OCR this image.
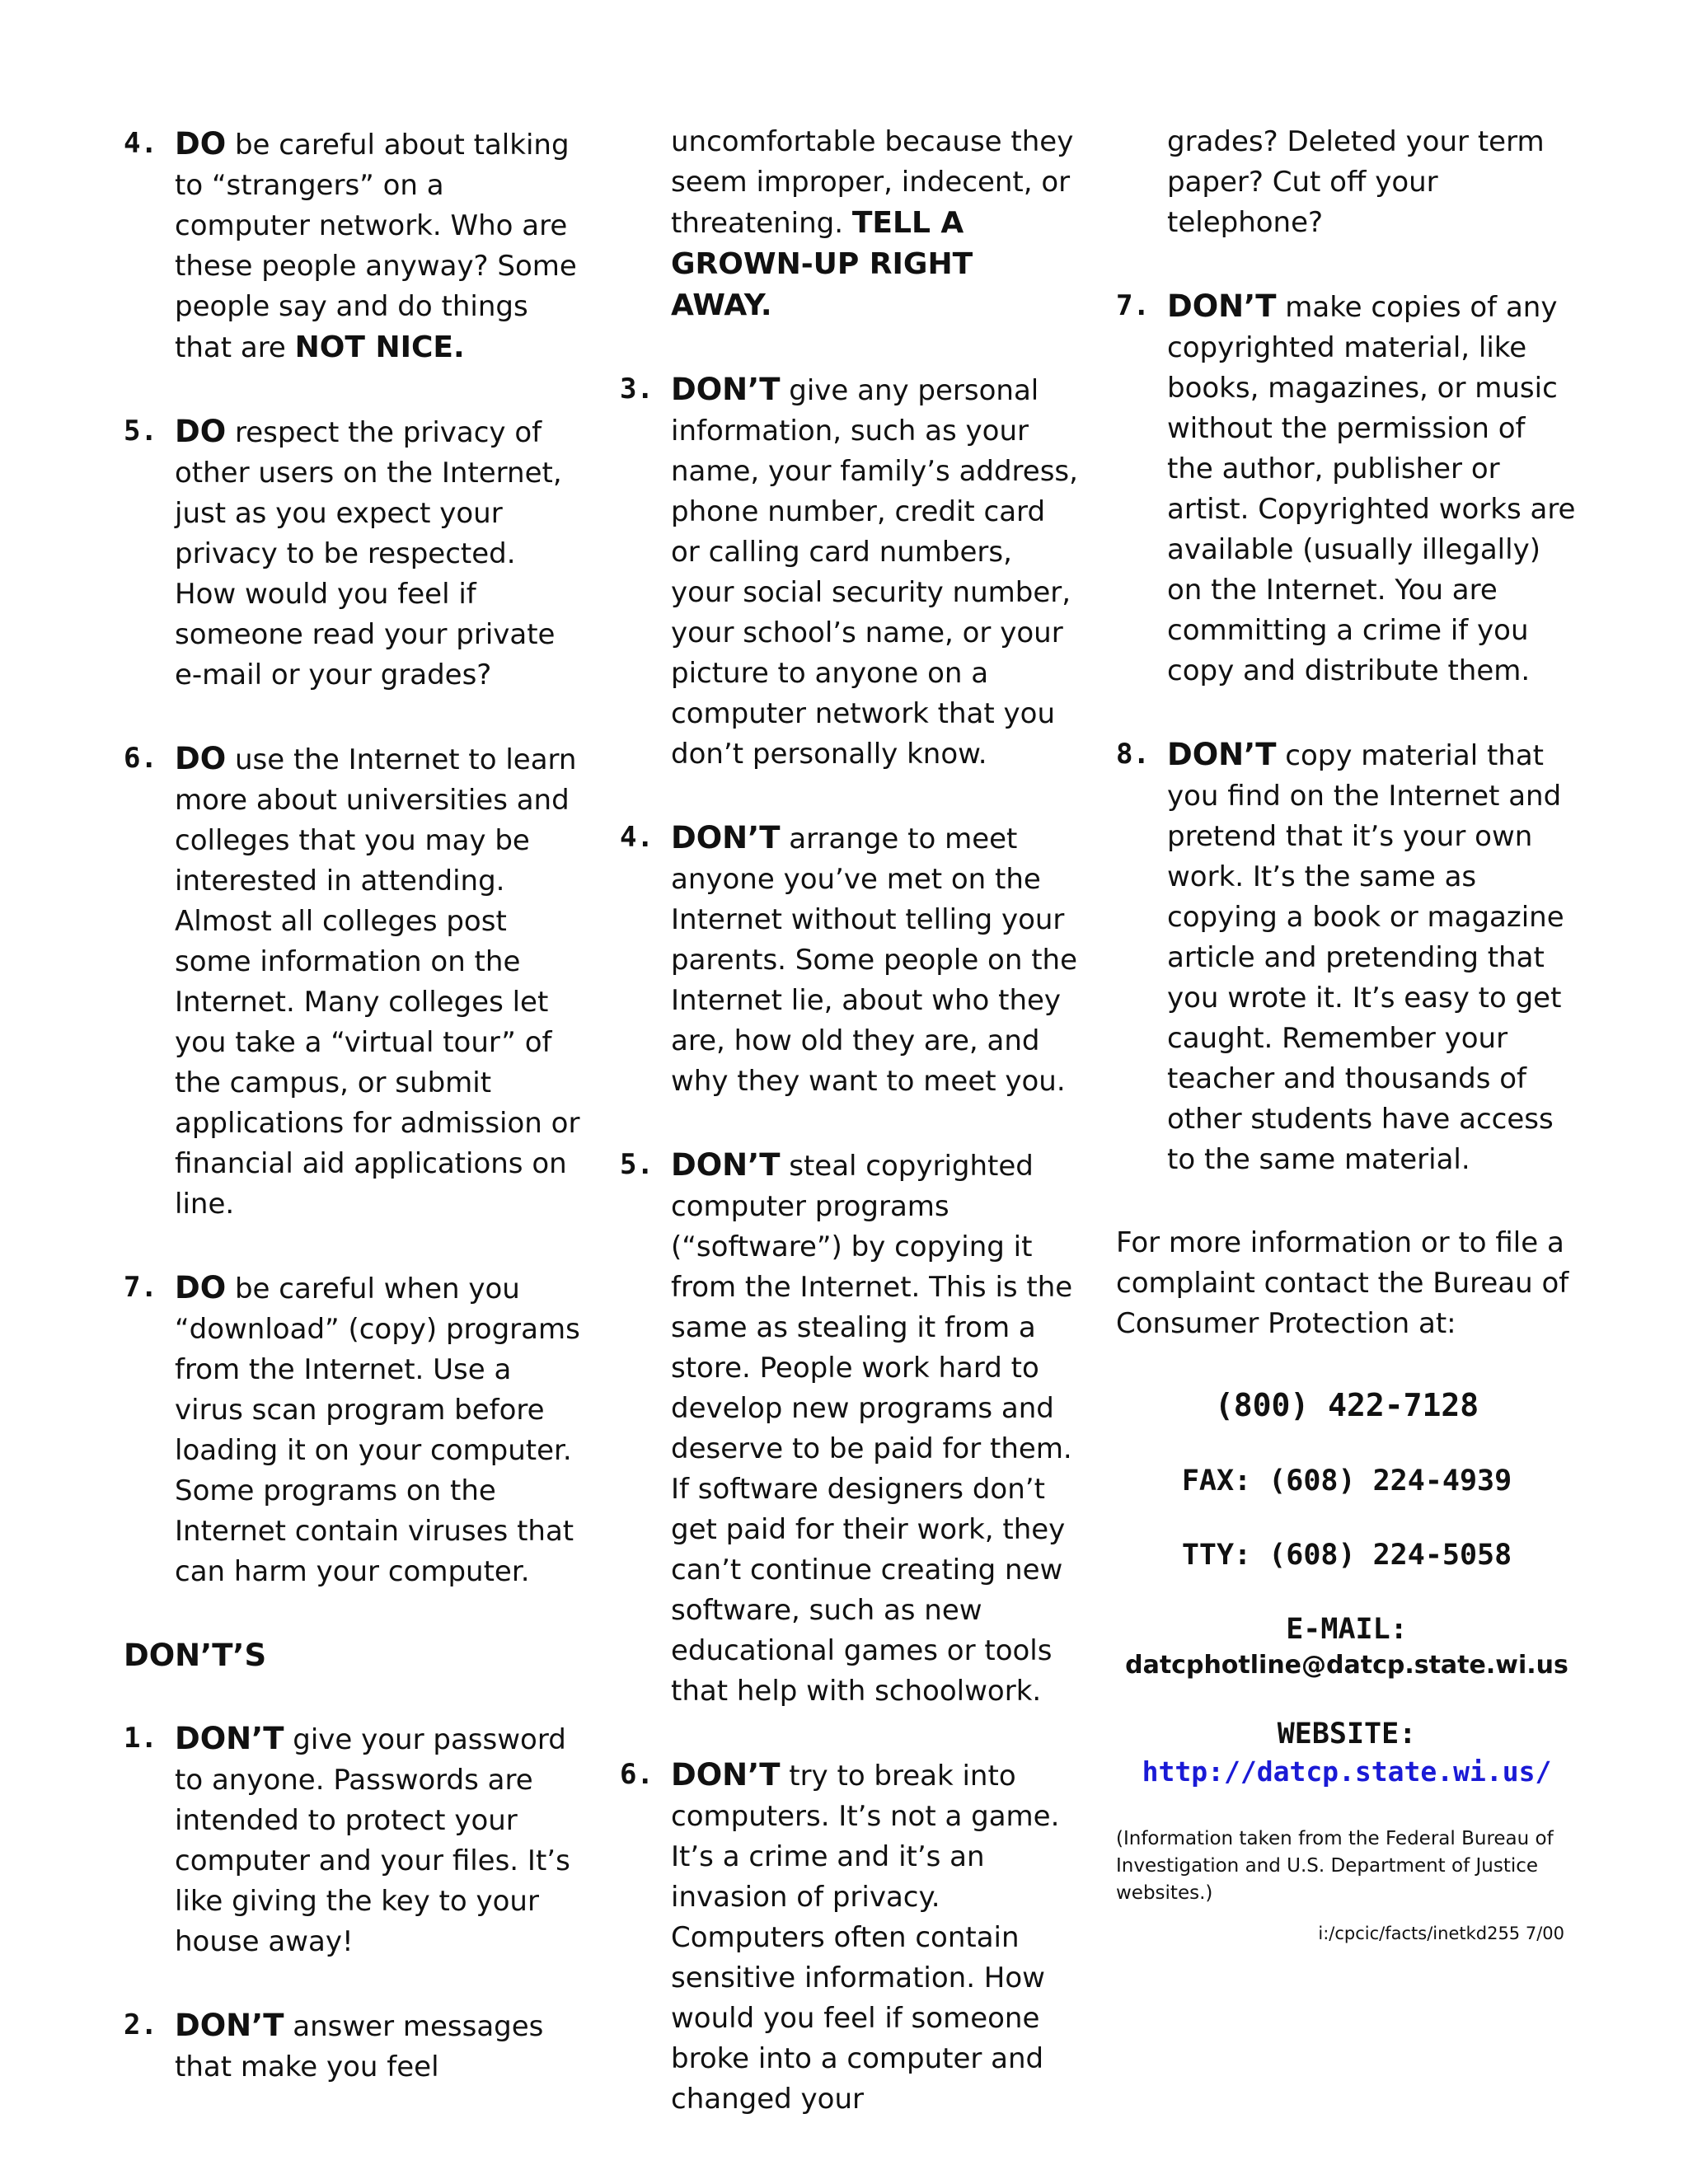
4. DO be careful about talking to “strangers” on a computer network. Who are these people anyway? Some people say and do things that are NOT NICE.
5. DO respect the privacy of other users on the Internet, just as you expect your privacy to be respected. How would you feel if someone read your private e-mail or your grades?
6. DO use the Internet to learn more about universities and colleges that you may be interested in attending. Almost all colleges post some information on the Internet. Many colleges let you take a “virtual tour” of the campus, or submit applications for admission or financial aid applications on line.
7. DO be careful when you “download” (copy) programs from the Internet. Use a virus scan program before loading it on your computer. Some programs on the Internet contain viruses that can harm your computer.
DON’T’S
1. DON’T give your password to anyone. Passwords are intended to protect your computer and your files. It’s like giving the key to your house away!
2. DON’T answer messages that make you feel
uncomfortable because they seem improper, indecent, or threatening. TELL A GROWN-UP RIGHT AWAY.
3. DON’T give any personal information, such as your name, your family’s address, phone number, credit card or calling card numbers, your social security number, your school’s name, or your picture to anyone on a computer network that you don’t personally know.
4. DON’T arrange to meet anyone you’ve met on the Internet without telling your parents. Some people on the Internet lie, about who they are, how old they are, and why they want to meet you.
5. DON’T steal copyrighted computer programs (“software”) by copying it from the Internet. This is the same as stealing it from a store. People work hard to develop new programs and deserve to be paid for them. If software designers don’t get paid for their work, they can’t continue creating new software, such as new educational games or tools that help with schoolwork.
6. DON’T try to break into computers. It’s not a game. It’s a crime and it’s an invasion of privacy. Computers often contain sensitive information. How would you feel if someone broke into a computer and changed your
grades? Deleted your term paper? Cut off your telephone?
7. DON’T make copies of any copyrighted material, like books, magazines, or music without the permission of the author, publisher or artist. Copyrighted works are available (usually illegally) on the Internet. You are committing a crime if you copy and distribute them.
8. DON’T copy material that you find on the Internet and pretend that it’s your own work. It’s the same as copying a book or magazine article and pretending that you wrote it. It’s easy to get caught. Remember your teacher and thousands of other students have access to the same material.
For more information or to file a complaint contact the Bureau of Consumer Protection at:
(800) 422-7128
FAX: (608) 224-4939
TTY: (608) 224-5058
E-MAIL:
datcphotline@datcp.state.wi.us
WEBSITE:
http://datcp.state.wi.us/
(Information taken from the Federal Bureau of Investigation and U.S. Department of Justice websites.)
i:/cpcic/facts/inetkd255 7/00
